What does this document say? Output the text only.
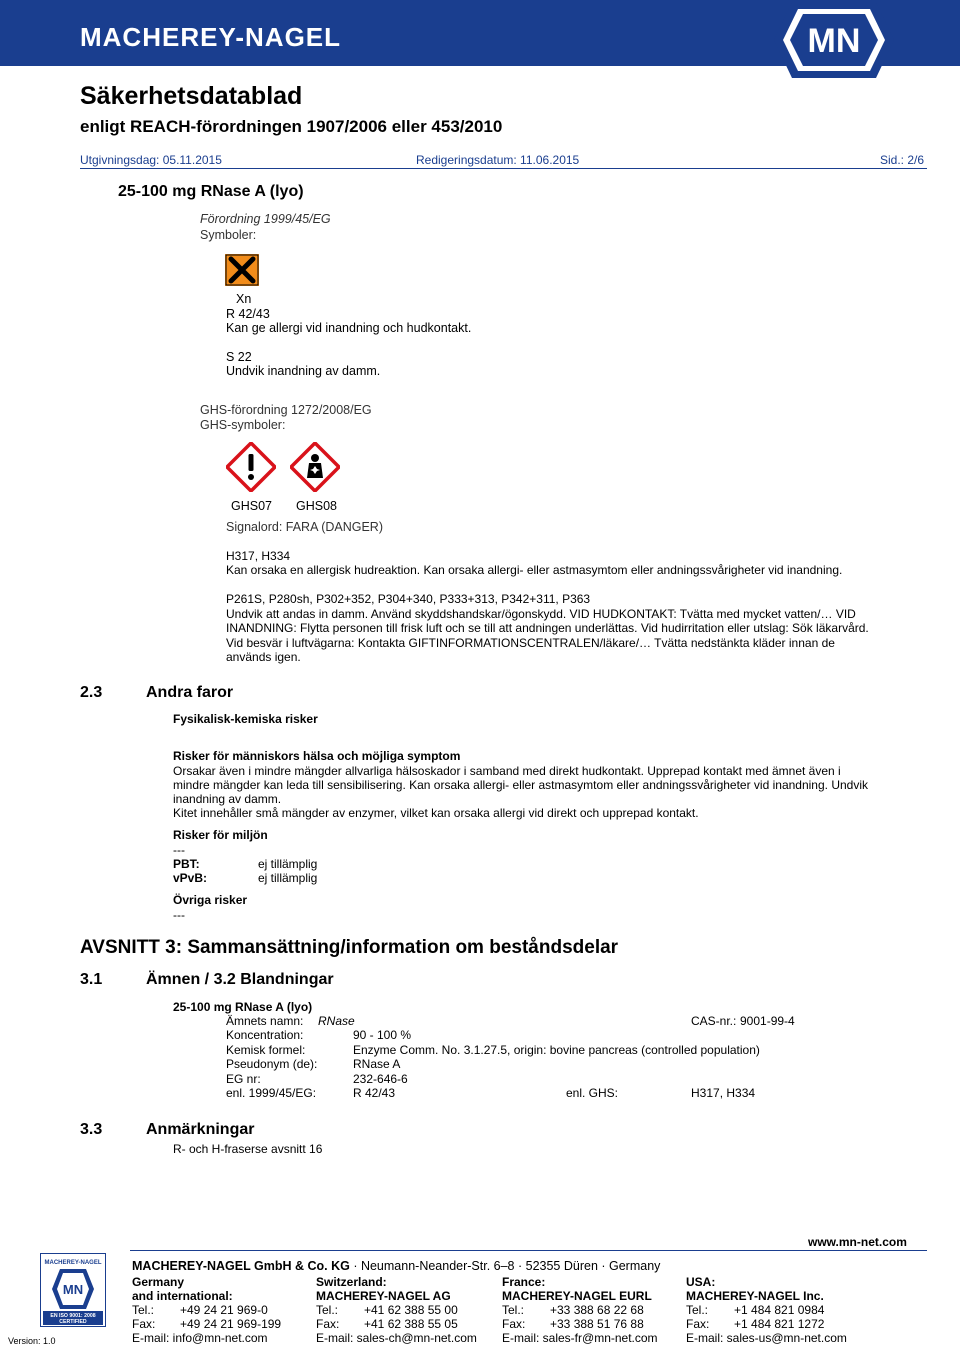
MACHEREY-NAGEL	MN
Säkerhetsdatablad
enligt REACH-förordningen 1907/2006 eller 453/2010
Utgivningsdag: 05.11.2015	Redigeringsdatum: 11.06.2015	Sid.: 2/6
25-100 mg RNase A (lyo)
Förordning 1999/45/EG
Symboler:
Xn
R 42/43
Kan ge allergi vid inandning och hudkontakt.
S 22
Undvik inandning av damm.
GHS-förordning 1272/2008/EG
GHS-symboler:
GHS07 GHS08
Signalord: FARA (DANGER)
H317, H334
Kan orsaka en allergisk hudreaktion. Kan orsaka allergi- eller astmasymtom eller andningssvårigheter vid inandning.
P261S, P280sh, P302+352, P304+340, P333+313, P342+311, P363
Undvik att andas in damm. Använd skyddshandskar/ögonskydd. VID HUDKONTAKT: Tvätta med mycket vatten/… VID
INANDNING: Flytta personen till frisk luft och se till att andningen underlättas. Vid hudirritation eller utslag: Sök läkarvård.
Vid besvär i luftvägarna: Kontakta GIFTINFORMATIONSCENTRALEN/läkare/… Tvätta nedstänkta kläder innan de
används igen.
2.3	Andra faror
Fysikalisk-kemiska risker
Risker för människors hälsa och möjliga symptom
Orsakar även i mindre mängder allvarliga hälsoskador i samband med direkt hudkontakt. Upprepad kontakt med ämnet även i
mindre mängder kan leda till sensibilisering. Kan orsaka allergi- eller astmasymtom eller andningssvårigheter vid inandning. Undvik
inandning av damm.
Kitet innehåller små mängder av enzymer, vilket kan orsaka allergi vid direkt och upprepad kontakt.
Risker för miljön
---
PBT:	ej tillämplig
vPvB:	ej tillämplig
Övriga risker
---
AVSNITT 3: Sammansättning/information om beståndsdelar
3.1	Ämnen / 3.2 Blandningar
25-100 mg RNase A (lyo)
Ämnets namn: RNase	CAS-nr.: 9001-99-4
Koncentration:	90 - 100 %
Kemisk formel:	Enzyme Comm. No. 3.1.27.5, origin: bovine pancreas (controlled population)
Pseudonym (de):	RNase A
EG nr:	232-646-6
enl. 1999/45/EG:	R 42/43	enl. GHS:	H317, H334
3.3	Anmärkningar
R- och H-fraserse avsnitt 16
www.mn-net.com
MACHEREY-NAGEL GmbH & Co. KG · Neumann-Neander-Str. 6–8 · 52355 Düren · Germany
MACHEREY-NAGEL
MN
EN ISO 9001: 2008
CERTIFIED
Version: 1.0
Germany
and international:
Tel.: +49 24 21 969-0
Fax: +49 24 21 969-199
E-mail: info@mn-net.com
Switzerland:
MACHEREY-NAGEL AG
Tel.: +41 62 388 55 00
Fax: +41 62 388 55 05
E-mail: sales-ch@mn-net.com
France:
MACHEREY-NAGEL EURL
Tel.: +33 388 68 22 68
Fax: +33 388 51 76 88
E-mail: sales-fr@mn-net.com
USA:
MACHEREY-NAGEL Inc.
Tel.: +1 484 821 0984
Fax: +1 484 821 1272
E-mail: sales-us@mn-net.com
